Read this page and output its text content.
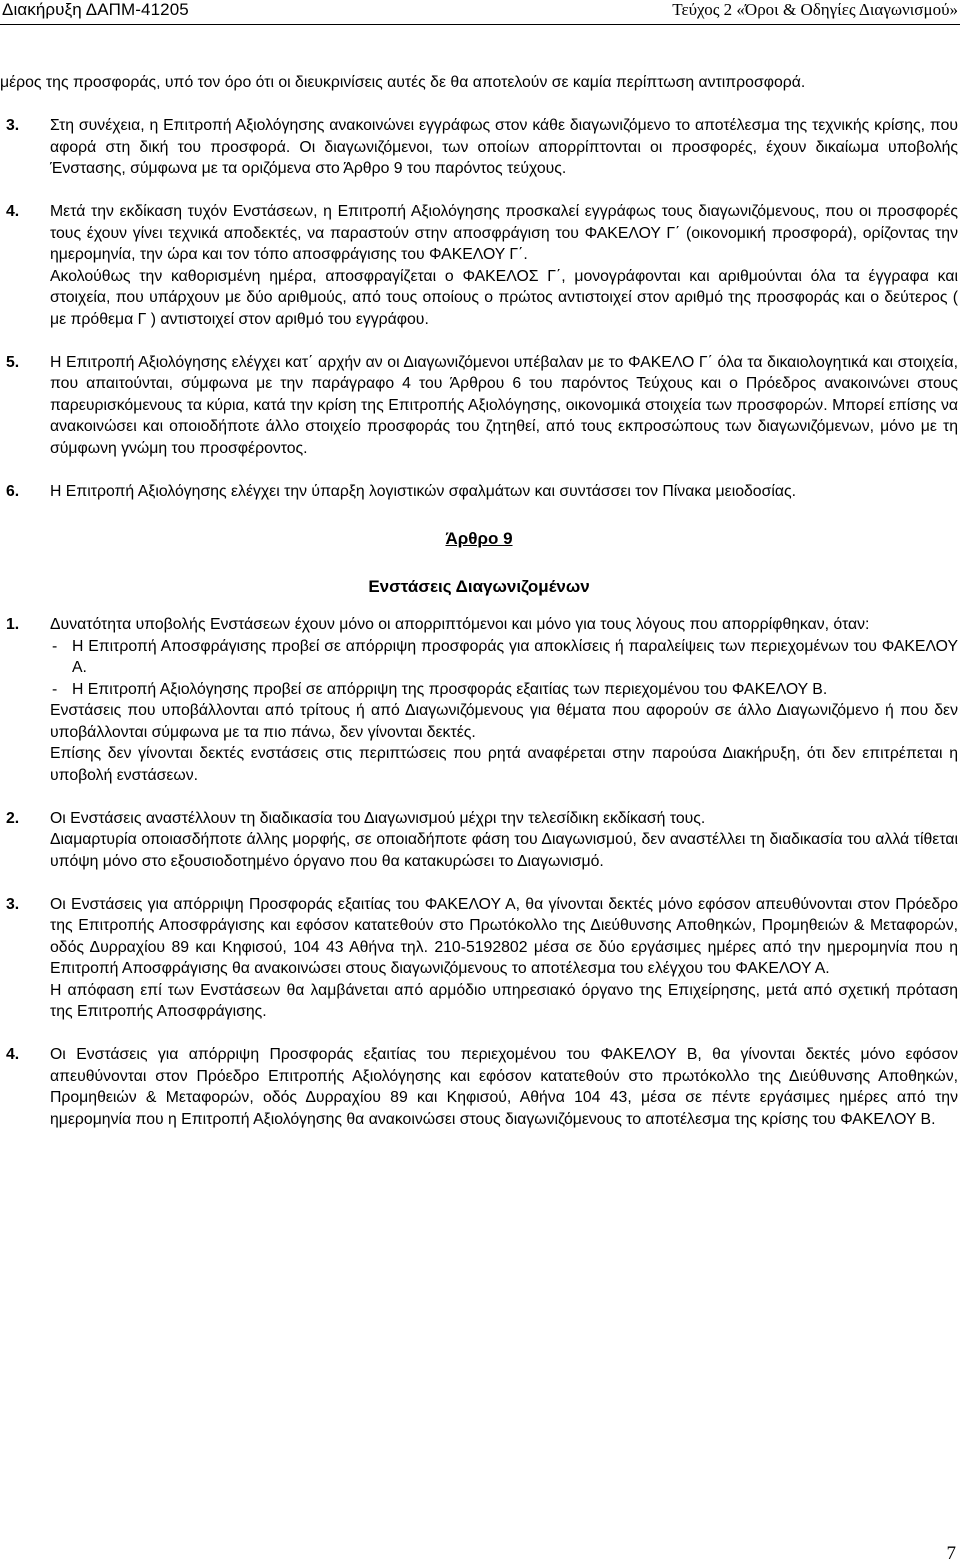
Διακήρυξη ΔΑΠΜ-41205	Τεύχος 2 «Όροι & Οδηγίες Διαγωνισμού»

μέρος της προσφοράς, υπό τον όρο ότι οι διευκρινίσεις αυτές δε θα αποτελούν σε καμία περίπτωση αντιπροσφορά.

3.	Στη συνέχεια, η Επιτροπή Αξιολόγησης ανακοινώνει εγγράφως στον κάθε διαγωνιζόμενο το αποτέλεσμα της τεχνικής κρίσης, που αφορά στη δική του προσφορά. Οι διαγωνιζόμενοι, των οποίων απορρίπτονται οι προσφορές, έχουν δικαίωμα υποβολής Ένστασης, σύμφωνα με τα οριζόμενα στο Άρθρο 9 του παρόντος τεύχους.

4.	Μετά την εκδίκαση τυχόν Ενστάσεων, η Επιτροπή Αξιολόγησης προσκαλεί εγγράφως τους διαγωνιζόμενους, που οι προσφορές τους έχουν γίνει τεχνικά αποδεκτές, να παραστούν στην αποσφράγιση του ΦΑΚΕΛΟΥ Γ΄ (οικονομική προσφορά), ορίζοντας την ημερομηνία, την ώρα και τον τόπο αποσφράγισης του ΦΑΚΕΛΟΥ Γ΄.

Ακολούθως την καθορισμένη ημέρα, αποσφραγίζεται ο ΦΑΚΕΛΟΣ Γ΄, μονογράφονται και αριθμούνται όλα τα έγγραφα και στοιχεία, που υπάρχουν με δύο αριθμούς, από τους οποίους ο πρώτος αντιστοιχεί στον αριθμό της προσφοράς και ο δεύτερος ( με πρόθεμα Γ ) αντιστοιχεί στον αριθμό του εγγράφου.

5.	Η Επιτροπή Αξιολόγησης ελέγχει κατ΄ αρχήν αν οι Διαγωνιζόμενοι υπέβαλαν με το ΦΑΚΕΛΟ Γ΄ όλα τα δικαιολογητικά και στοιχεία, που απαιτούνται, σύμφωνα με την παράγραφο 4 του Άρθρου 6 του παρόντος Τεύχους και ο Πρόεδρος ανακοινώνει στους παρευρισκόμενους τα κύρια, κατά την κρίση της Επιτροπής Αξιολόγησης, οικονομικά στοιχεία των προσφορών. Μπορεί επίσης να ανακοινώσει και οποιοδήποτε άλλο στοιχείο προσφοράς του ζητηθεί, από τους εκπροσώπους των διαγωνιζόμενων, μόνο με τη σύμφωνη γνώμη του προσφέροντος.

6.	Η Επιτροπή Αξιολόγησης ελέγχει την ύπαρξη λογιστικών σφαλμάτων και συντάσσει τον Πίνακα μειοδοσίας.

Άρθρο 9
Ενστάσεις Διαγωνιζομένων
1.	Δυνατότητα υποβολής Ενστάσεων έχουν μόνο οι απορριπτόμενοι και μόνο για τους λόγους που απορρίφθηκαν, όταν:

- Η Επιτροπή Αποσφράγισης προβεί σε απόρριψη προσφοράς για αποκλίσεις ή παραλείψεις των περιεχομένων του ΦΑΚΕΛΟΥ Α.
- Η Επιτροπή Αξιολόγησης προβεί σε απόρριψη της προσφοράς εξαιτίας των περιεχομένου του ΦΑΚΕΛΟΥ Β.

Ενστάσεις που υποβάλλονται από τρίτους ή από Διαγωνιζόμενους για θέματα που αφορούν σε άλλο Διαγωνιζόμενο ή που δεν υποβάλλονται σύμφωνα με τα πιο πάνω, δεν γίνονται δεκτές.

Επίσης δεν γίνονται δεκτές ενστάσεις στις περιπτώσεις που ρητά αναφέρεται στην παρούσα Διακήρυξη, ότι δεν επιτρέπεται η υποβολή ενστάσεων.

2.	Οι Ενστάσεις αναστέλλουν τη διαδικασία του Διαγωνισμού μέχρι την τελεσίδικη εκδίκασή τους.

Διαμαρτυρία οποιασδήποτε άλλης μορφής, σε οποιαδήποτε φάση του Διαγωνισμού, δεν αναστέλλει τη διαδικασία του αλλά τίθεται υπόψη μόνο στο εξουσιοδοτημένο όργανο που θα κατακυρώσει το Διαγωνισμό.

3.	Οι Ενστάσεις για απόρριψη Προσφοράς εξαιτίας του ΦΑΚΕΛΟΥ Α, θα γίνονται δεκτές μόνο εφόσον απευθύνονται στον Πρόεδρο της Επιτροπής Αποσφράγισης και εφόσον κατατεθούν στο Πρωτόκολλο της Διεύθυνσης Αποθηκών, Προμηθειών & Μεταφορών, οδός Δυρραχίου 89 και Κηφισού, 104 43 Αθήνα τηλ. 210-5192802 μέσα σε δύο εργάσιμες ημέρες από την ημερομηνία που η Επιτροπή Αποσφράγισης θα ανακοινώσει στους διαγωνιζόμενους το αποτέλεσμα του ελέγχου του ΦΑΚΕΛΟΥ Α.

Η απόφαση επί των Ενστάσεων θα λαμβάνεται από αρμόδιο υπηρεσιακό όργανο της Επιχείρησης, μετά από σχετική πρόταση της Επιτροπής Αποσφράγισης.

4.	Οι Ενστάσεις για απόρριψη Προσφοράς εξαιτίας του περιεχομένου του ΦΑΚΕΛΟΥ Β, θα γίνονται δεκτές μόνο εφόσον απευθύνονται στον Πρόεδρο Επιτροπής Αξιολόγησης και εφόσον κατατεθούν στο πρωτόκολλο της Διεύθυνσης Αποθηκών, Προμηθειών & Μεταφορών, οδός Δυρραχίου 89 και Κηφισού, Αθήνα 104 43, μέσα σε πέντε εργάσιμες ημέρες από την ημερομηνία που η Επιτροπή Αξιολόγησης θα ανακοινώσει στους διαγωνιζόμενους το αποτέλεσμα της κρίσης του ΦΑΚΕΛΟΥ Β.

7
